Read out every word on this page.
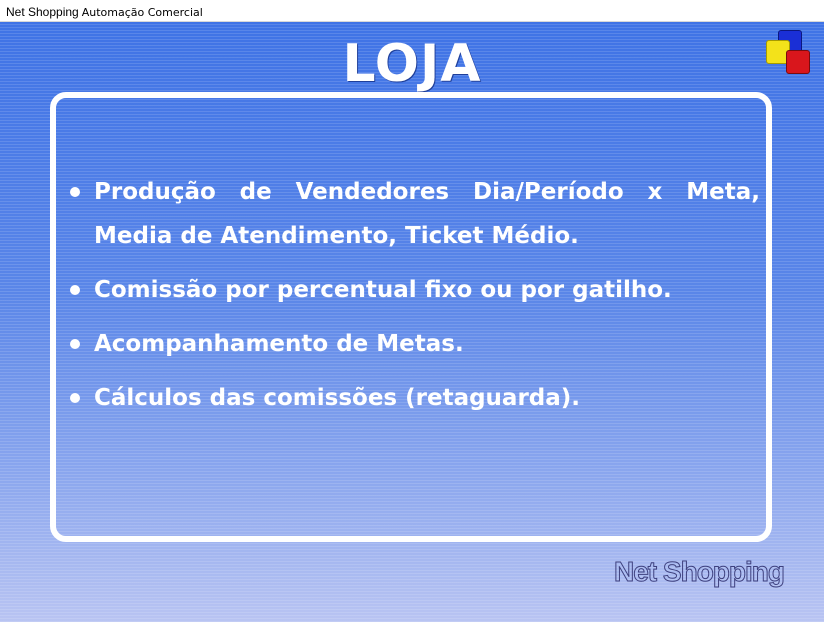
Net Shopping Automação Comercial
LOJA
Produção de Vendedores Dia/Período x Meta, Media de Atendimento, Ticket Médio.
Comissão por percentual fixo ou por gatilho.
Acompanhamento de Metas.
Cálculos das comissões (retaguarda).
Net Shopping
